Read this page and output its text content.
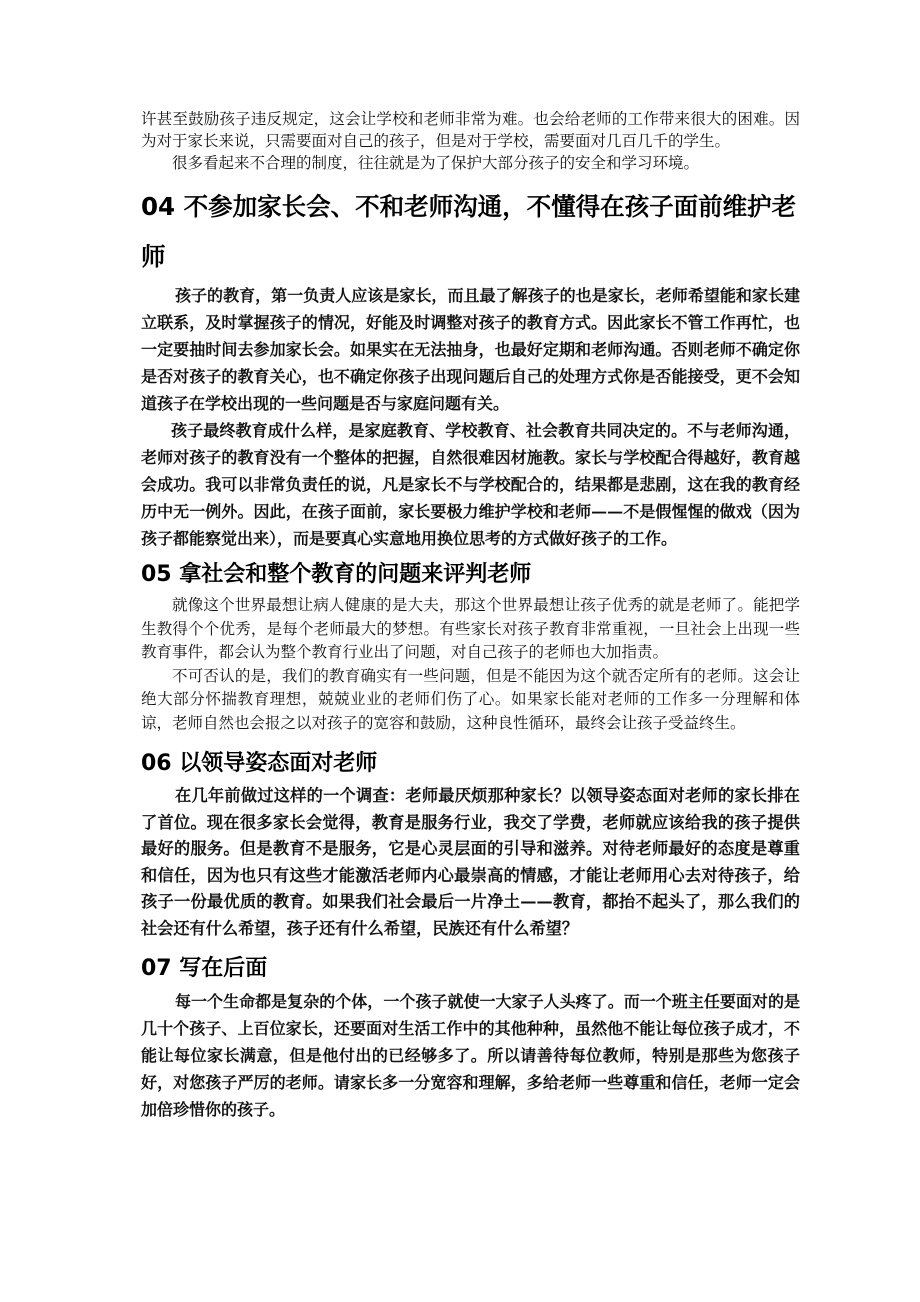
许甚至鼓励孩子违反规定，这会让学校和老师非常为难。也会给老师的工作带来很大的困难。因为对于家长来说，只需要面对自己的孩子，但是对于学校，需要面对几百几千的学生。

很多看起来不合理的制度，往往就是为了保护大部分孩子的安全和学习环境。

04 不参加家长会、不和老师沟通，不懂得在孩子面前维护老师

孩子的教育，第一负责人应该是家长，而且最了解孩子的也是家长，老师希望能和家长建立联系，及时掌握孩子的情况，好能及时调整对孩子的教育方式。因此家长不管工作再忙，也一定要抽时间去参加家长会。如果实在无法抽身，也最好定期和老师沟通。否则老师不确定你是否对孩子的教育关心，也不确定你孩子出现问题后自己的处理方式你是否能接受，更不会知道孩子在学校出现的一些问题是否与家庭问题有关。

孩子最终教育成什么样，是家庭教育、学校教育、社会教育共同决定的。不与老师沟通，老师对孩子的教育没有一个整体的把握，自然很难因材施教。家长与学校配合得越好，教育越会成功。我可以非常负责任的说，凡是家长不与学校配合的，结果都是悲剧，这在我的教育经历中无一例外。因此，在孩子面前，家长要极力维护学校和老师——不是假惺惺的做戏（因为孩子都能察觉出来），而是要真心实意地用换位思考的方式做好孩子的工作。

05 拿社会和整个教育的问题来评判老师

就像这个世界最想让病人健康的是大夫，那这个世界最想让孩子优秀的就是老师了。能把学生教得个个优秀，是每个老师最大的梦想。有些家长对孩子教育非常重视，一旦社会上出现一些教育事件，都会认为整个教育行业出了问题，对自己孩子的老师也大加指责。

不可否认的是，我们的教育确实有一些问题，但是不能因为这个就否定所有的老师。这会让绝大部分怀揣教育理想，兢兢业业的老师们伤了心。如果家长能对老师的工作多一分理解和体谅，老师自然也会报之以对孩子的宽容和鼓励，这种良性循环，最终会让孩子受益终生。

06 以领导姿态面对老师

在几年前做过这样的一个调查：老师最厌烦那种家长？以领导姿态面对老师的家长排在了首位。现在很多家长会觉得，教育是服务行业，我交了学费，老师就应该给我的孩子提供最好的服务。但是教育不是服务，它是心灵层面的引导和滋养。对待老师最好的态度是尊重和信任，因为也只有这些才能激活老师内心最崇高的情感，才能让老师用心去对待孩子，给孩子一份最优质的教育。如果我们社会最后一片净土——教育，都抬不起头了，那么我们的社会还有什么希望，孩子还有什么希望，民族还有什么希望？

07 写在后面

每一个生命都是复杂的个体，一个孩子就使一大家子人头疼了。而一个班主任要面对的是几十个孩子、上百位家长，还要面对生活工作中的其他种种，虽然他不能让每位孩子成才，不能让每位家长满意，但是他付出的已经够多了。所以请善待每位教师，特别是那些为您孩子好，对您孩子严厉的老师。请家长多一分宽容和理解，多给老师一些尊重和信任，老师一定会加倍珍惜你的孩子。
